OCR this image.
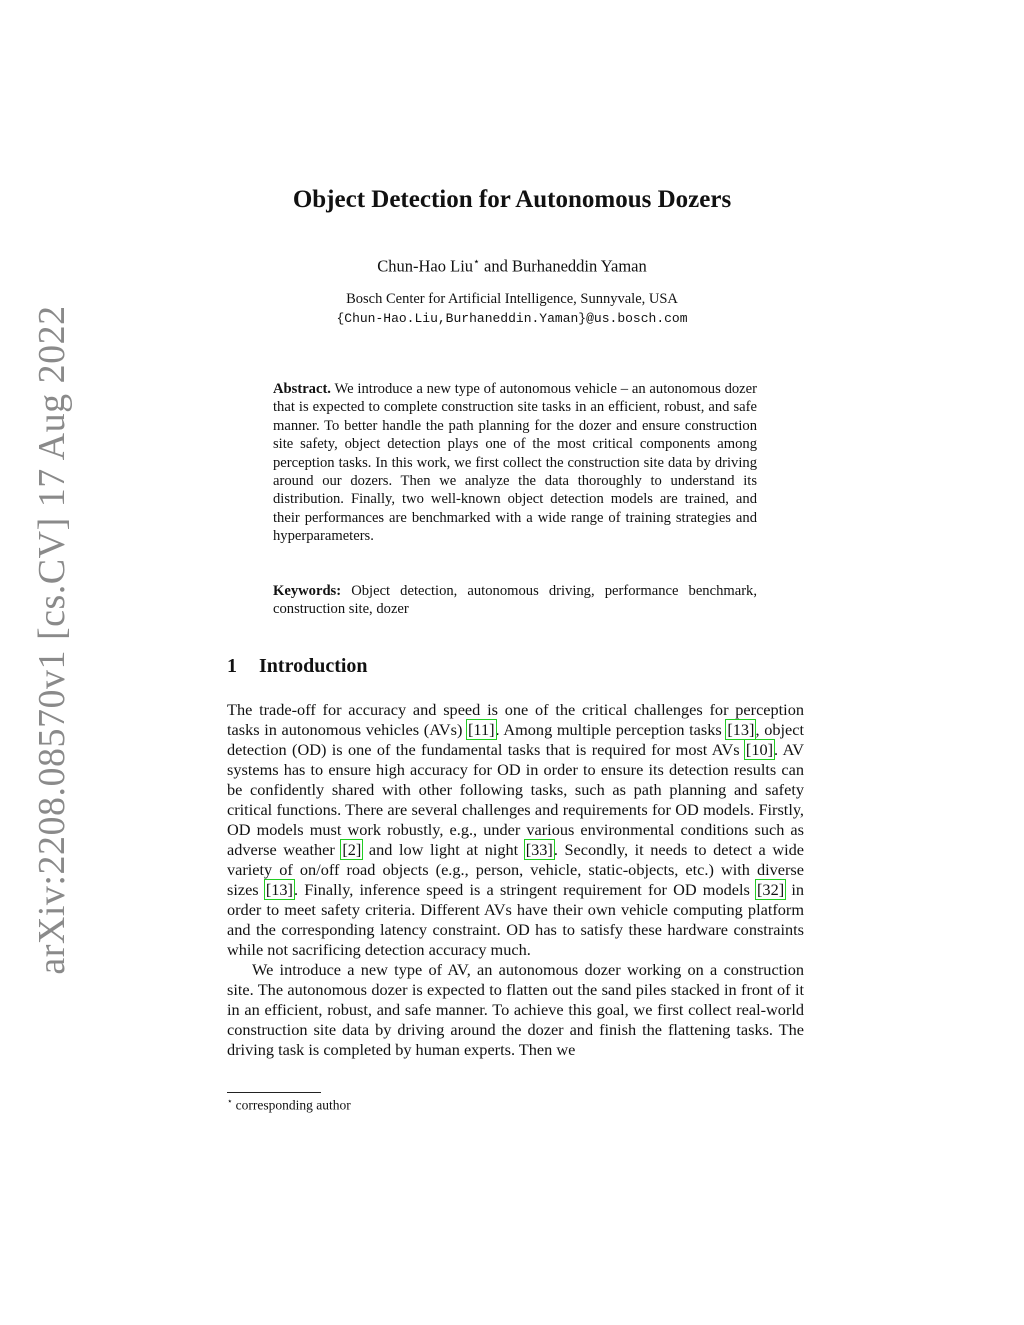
arXiv:2208.08570v1 [cs.CV] 17 Aug 2022
Object Detection for Autonomous Dozers
Chun-Hao Liu⋆ and Burhaneddin Yaman
Bosch Center for Artificial Intelligence, Sunnyvale, USA
{Chun-Hao.Liu,Burhaneddin.Yaman}@us.bosch.com
Abstract. We introduce a new type of autonomous vehicle – an autonomous dozer that is expected to complete construction site tasks in an efficient, robust, and safe manner. To better handle the path planning for the dozer and ensure construction site safety, object detection plays one of the most critical components among perception tasks. In this work, we first collect the construction site data by driving around our dozers. Then we analyze the data thoroughly to understand its distribution. Finally, two well-known object detection models are trained, and their performances are benchmarked with a wide range of training strategies and hyperparameters.
Keywords: Object detection, autonomous driving, performance benchmark, construction site, dozer
1 Introduction

The trade-off for accuracy and speed is one of the critical challenges for perception tasks in autonomous vehicles (AVs) [11]. Among multiple perception tasks [13], object detection (OD) is one of the fundamental tasks that is required for most AVs [10]. AV systems has to ensure high accuracy for OD in order to ensure its detection results can be confidently shared with other following tasks, such as path planning and safety critical functions. There are several challenges and requirements for OD models. Firstly, OD models must work robustly, e.g., under various environmental conditions such as adverse weather [2] and low light at night [33]. Secondly, it needs to detect a wide variety of on/off road objects (e.g., person, vehicle, static-objects, etc.) with diverse sizes [13]. Finally, inference speed is a stringent requirement for OD models [32] in order to meet safety criteria. Different AVs have their own vehicle computing platform and the corresponding latency constraint. OD has to satisfy these hardware constraints while not sacrificing detection accuracy much.

We introduce a new type of AV, an autonomous dozer working on a construction site. The autonomous dozer is expected to flatten out the sand piles stacked in front of it in an efficient, robust, and safe manner. To achieve this goal, we first collect real-world construction site data by driving around the dozer and finish the flattening tasks. The driving task is completed by human experts. Then we

⋆ corresponding author
